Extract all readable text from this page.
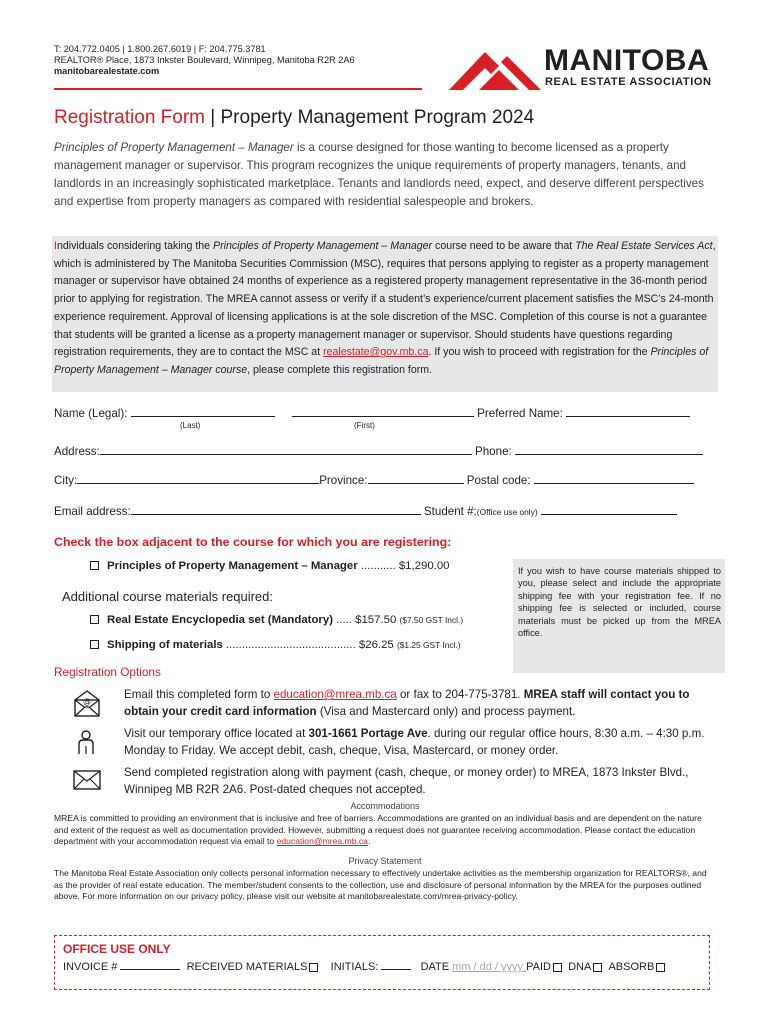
T: 204.772.0405 | 1.800.267.6019 | F: 204.775.3781
REALTOR® Place, 1873 Inkster Boulevard, Winnipeg, Manitoba R2R 2A6
manitobarealestate.com	MANITOBA
REAL ESTATE ASSOCIATION
Registration Form | Property Management Program 2024
Principles of Property Management – Manager is a course designed for those wanting to become licensed as a property management manager or supervisor. This program recognizes the unique requirements of property managers, tenants, and landlords in an increasingly sophisticated marketplace. Tenants and landlords need, expect, and deserve different perspectives and expertise from property managers as compared with residential salespeople and brokers.
Individuals considering taking the Principles of Property Management – Manager course need to be aware that The Real Estate Services Act, which is administered by The Manitoba Securities Commission (MSC), requires that persons applying to register as a property management manager or supervisor have obtained 24 months of experience as a registered property management representative in the 36-month period prior to applying for registration. The MREA cannot assess or verify if a student’s experience/current placement satisfies the MSC’s 24-month experience requirement. Approval of licensing applications is at the sole discretion of the MSC. Completion of this course is not a guarantee that students will be granted a license as a property management manager or supervisor. Should students have questions regarding registration requirements, they are to contact the MSC at realestate@gov.mb.ca. If you wish to proceed with registration for the Principles of Property Management – Manager course, please complete this registration form.
Name (Legal):	Preferred Name:
(Last)	(First)
Address:	Phone:
City:	Province:	Postal code:
Email address:	Student #:(Office use only)
Check the box adjacent to the course for which you are registering:
Principles of Property Management – Manager ........... $1,290.00
Additional course materials required:
Real Estate Encyclopedia set (Mandatory) ..... $157.50 ($7.50 GST Incl.)
Shipping of materials ......................................... $26.25 ($1.25 GST Incl.)
If you wish to have course materials shipped to you, please select and include the appropriate shipping fee with your registration fee. If no shipping fee is selected or included, course materials must be picked up from the MREA office.
Registration Options
@
Email this completed form to education@mrea.mb.ca or fax to 204-775-3781. MREA staff will contact you to obtain your credit card information (Visa and Mastercard only) and process payment.
Visit our temporary office located at 301-1661 Portage Ave. during our regular office hours, 8:30 a.m. – 4:30 p.m. Monday to Friday. We accept debit, cash, cheque, Visa, Mastercard, or money order.
Send completed registration along with payment (cash, cheque, or money order) to MREA, 1873 Inkster Blvd., Winnipeg MB R2R 2A6. Post-dated cheques not accepted.
Accommodations
MREA is committed to providing an environment that is inclusive and free of barriers. Accommodations are granted on an individual basis and are dependent on the nature and extent of the request as well as documentation provided. However, submitting a request does not guarantee receiving accommodation. Please contact the education department with your accommodation request via email to education@mrea.mb.ca.
Privacy Statement
The Manitoba Real Estate Association only collects personal information necessary to effectively undertake activities as the membership organization for REALTORS®, and as the provider of real estate education. The member/student consents to the collection, use and disclosure of personal information by the MREA for the purposes outlined above. For more information on our privacy policy, please visit our website at manitobarealestate.com/mrea-privacy-policy.
OFFICE USE ONLY
INVOICE #	RECEIVED MATERIALS INITIALS:	DATE mm / dd / yyyy PAID DNA ABSORB
